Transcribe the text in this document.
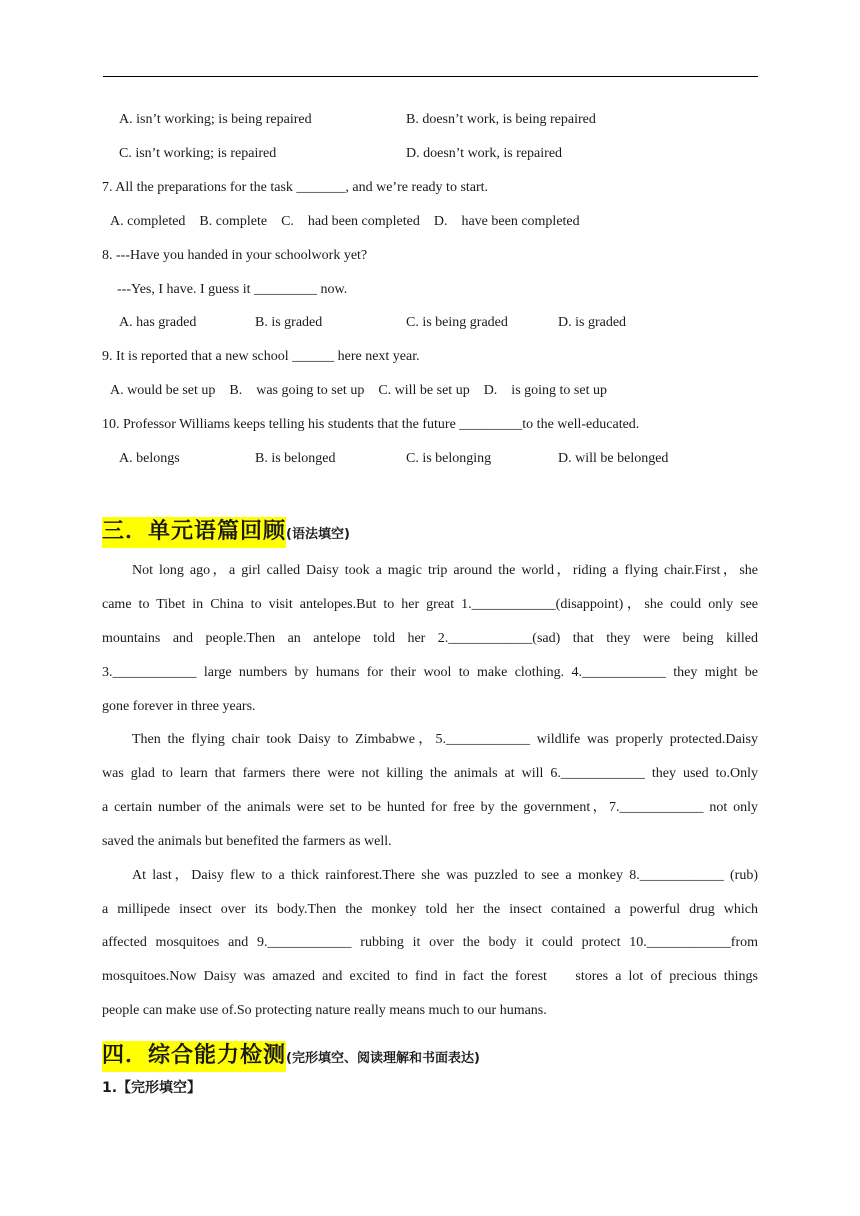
A. isn’t working; is being repaired	B. doesn’t work, is being repaired
C. isn’t working; is repaired	D. doesn’t work, is repaired
7. All the preparations for the task _______, and we’re ready to start.
A. completed    B. complete    C.    had been completed    D.    have been completed
8. ---Have you handed in your schoolwork yet?
---Yes, I have. I guess it _________ now.
A. has graded	B. is graded	C. is being graded	D. is graded
9. It is reported that a new school ______ here next year.
A. would be set up    B.    was going to set up    C. will be set up    D.    is going to set up
10. Professor Williams keeps telling his students that the future _________to the well-educated.
A. belongs	B. is belonged	C. is belonging	D. will be belonged
三．单元语篇回顾(语法填空)
Not long ago，a girl called Daisy took a magic trip around the world，riding a flying chair.First，she
came to Tibet in China to visit antelopes.But to her great 1.____________(disappoint)，she could only see
mountains and people.Then an antelope told her 2.____________(sad) that they were being killed
3.____________ large numbers by humans for their wool to make clothing. 4.____________ they might be
gone forever in three years.
Then the flying chair took Daisy to Zimbabwe，5.____________ wildlife was properly protected.Daisy
was glad to learn that farmers there were not killing the animals at will 6.____________ they used to.Only
a certain number of the animals were set to be hunted for free by the government，7.____________ not only
saved the animals but benefited the farmers as well.
At last，Daisy flew to a thick rainforest.There she was puzzled to see a monkey 8.____________ (rub)
a millipede insect over its body.Then the monkey told her the insect contained a powerful drug which
affected mosquitoes and 9.____________ rubbing it over the body it could protect 10.____________from
mosquitoes.Now Daisy was amazed and excited to find in fact the forest    stores a lot of precious things
people can make use of.So protecting nature really means much to our humans.
四．综合能力检测(完形填空、阅读理解和书面表达)
1.【完形填空】
